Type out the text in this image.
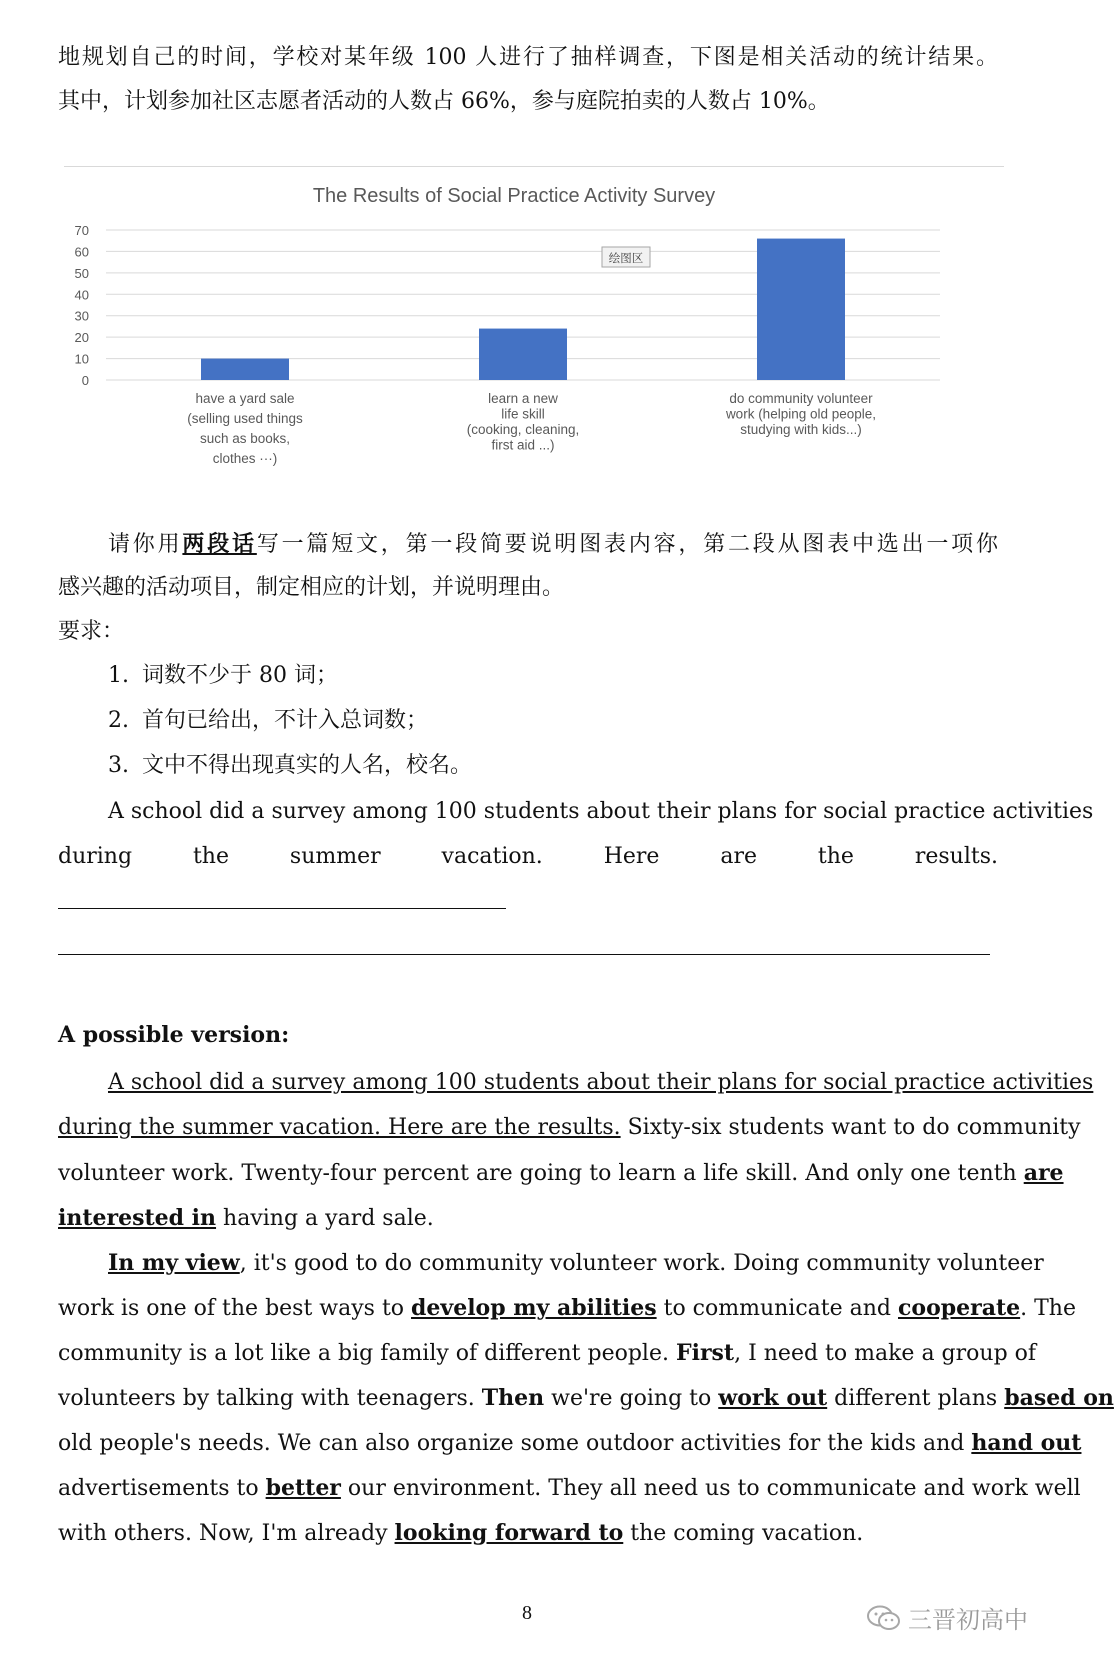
地规划自己的时间，学校对某年级 100 人进行了抽样调查，下图是相关活动的统计结果。
其中，计划参加社区志愿者活动的人数占 66%，参与庭院拍卖的人数占 10%。
The Results of Social Practice Activity Survey
0
10
20
30
40
50
60
70
have a yard sale
(selling used things
such as books,
clothes ···)
learn a new
life skill
(cooking, cleaning,
first aid ...)
do community volunteer
work (helping old people,
studying with kids...)
绘图区
请你用两段话写一篇短文，第一段简要说明图表内容，第二段从图表中选出一项你
感兴趣的活动项目，制定相应的计划，并说明理由。
要求：
1. 词数不少于 80 词；
2. 首句已给出，不计入总词数；
3. 文中不得出现真实的人名，校名。
A school did a survey among 100 students about their plans for social practice activities
during the summer vacation. Here are the results.
A possible version:
A school did a survey among 100 students about their plans for social practice activities
during the summer vacation. Here are the results. Sixty-six students want to do community
volunteer work. Twenty-four percent are going to learn a life skill. And only one tenth are
interested in having a yard sale.
In my view, it's good to do community volunteer work. Doing community volunteer
work is one of the best ways to develop my abilities to communicate and cooperate. The
community is a lot like a big family of different people. First, I need to make a group of
volunteers by talking with teenagers. Then we're going to work out different plans based on
old people's needs. We can also organize some outdoor activities for the kids and hand out
advertisements to better our environment. They all need us to communicate and work well
with others. Now, I'm already looking forward to the coming vacation.
8	三晋初高中
